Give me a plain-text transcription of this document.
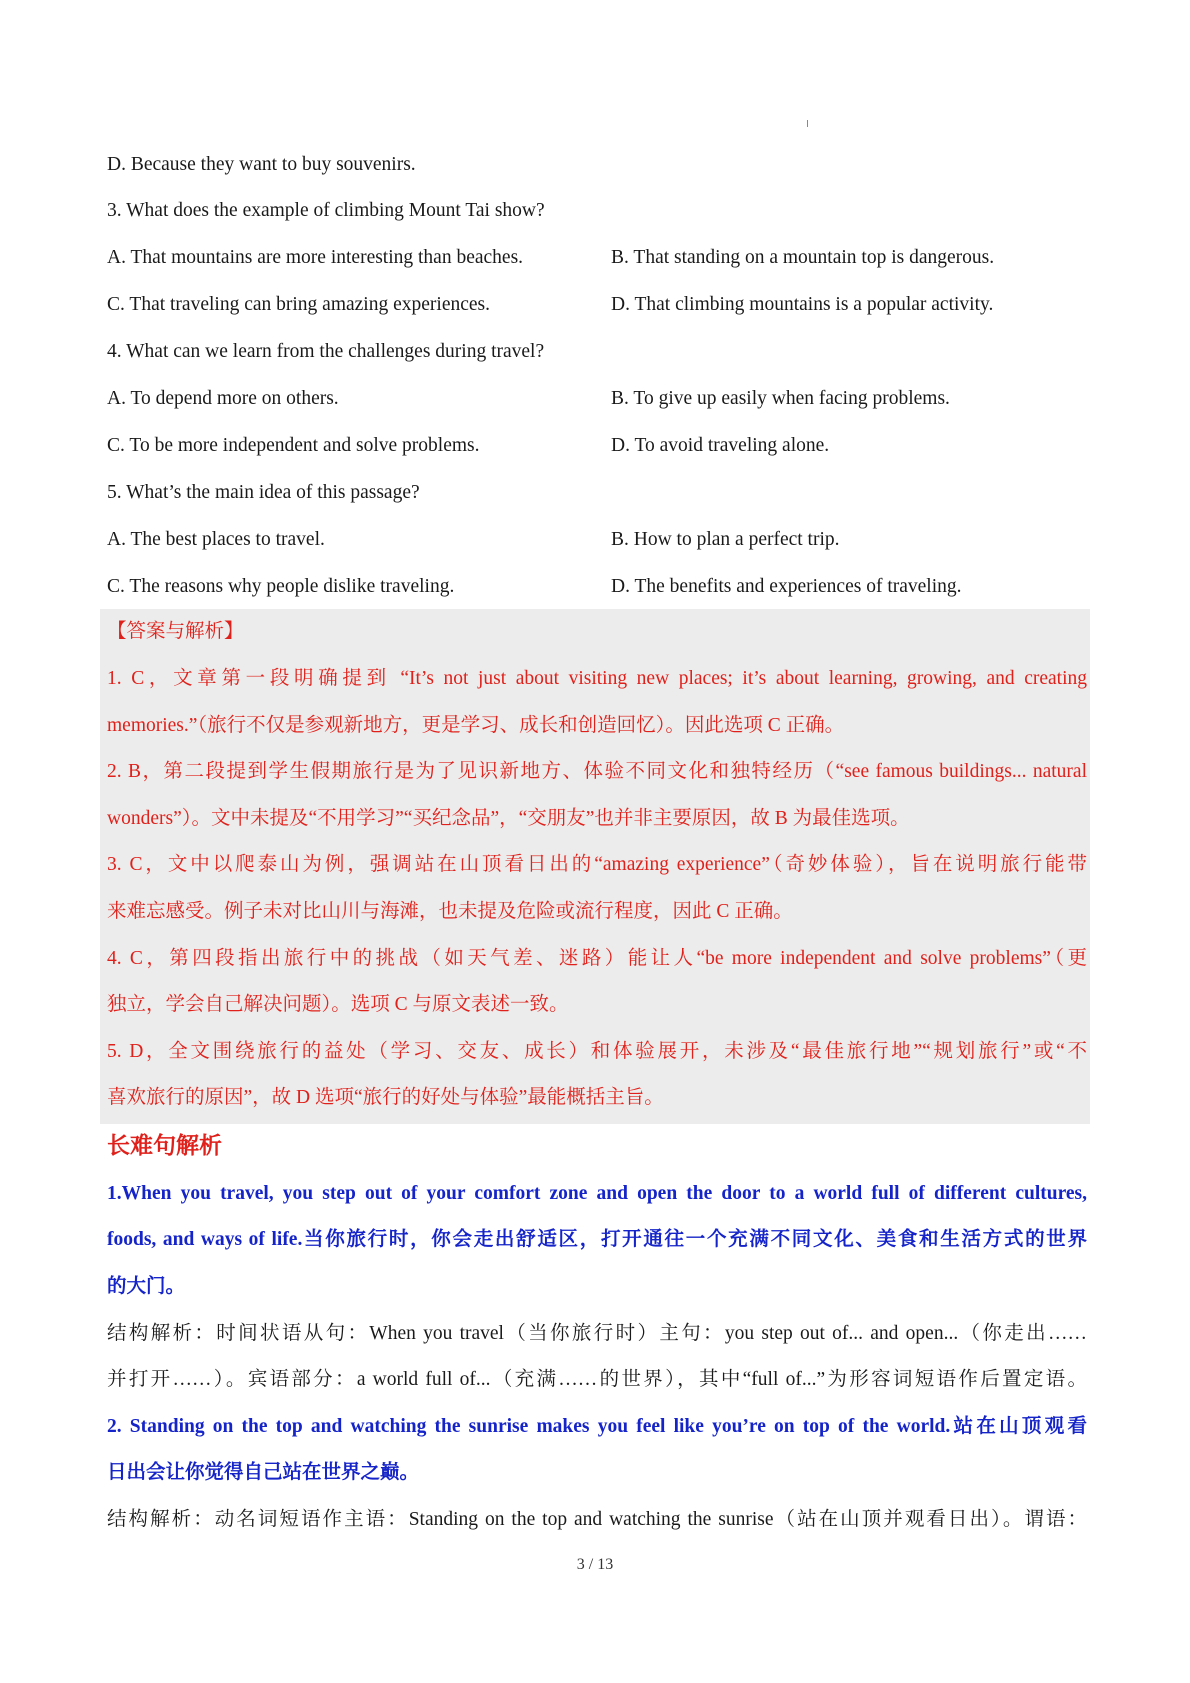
D. Because they want to buy souvenirs.
3. What does the example of climbing Mount Tai show?
A. That mountains are more interesting than beaches.	B. That standing on a mountain top is dangerous.
C. That traveling can bring amazing experiences.	D. That climbing mountains is a popular activity.
4. What can we learn from the challenges during travel?
A. To depend more on others.	B. To give up easily when facing problems.
C. To be more independent and solve problems.	D. To avoid traveling alone.
5. What’s the main idea of this passage?
A. The best places to travel.	B. How to plan a perfect trip.
C. The reasons why people dislike traveling.	D. The benefits and experiences of traveling.
【答案与解析】
1. C，文章第一段明确提到 “It’s not just about visiting new places; it’s about learning, growing, and creating
memories.”（旅行不仅是参观新地方，更是学习、成长和创造回忆）。因此选项 C 正确。
2. B，第二段提到学生假期旅行是为了见识新地方、体验不同文化和独特经历（“see famous buildings... natural
wonders”）。文中未提及“不用学习”“买纪念品”，“交朋友”也并非主要原因，故 B 为最佳选项。
3. C，文中以爬泰山为例，强调站在山顶看日出的“amazing experience”（奇妙体验），旨在说明旅行能带
来难忘感受。例子未对比山川与海滩，也未提及危险或流行程度，因此 C 正确。
4. C，第四段指出旅行中的挑战（如天气差、迷路）能让人“be more independent and solve problems”（更
独立，学会自己解决问题）。选项 C 与原文表述一致。
5. D，全文围绕旅行的益处（学习、交友、成长）和体验展开，未涉及“最佳旅行地”“规划旅行”或“不
喜欢旅行的原因”，故 D 选项“旅行的好处与体验”最能概括主旨。
长难句解析
1.When you travel, you step out of your comfort zone and open the door to a world full of different cultures,
foods, and ways of life.当你旅行时，你会走出舒适区，打开通往一个充满不同文化、美食和生活方式的世界
的大门。
结构解析：时间状语从句：When you travel（当你旅行时）主句：you step out of... and open...（你走出……
并打开……）。宾语部分：a world full of...（充满……的世界），其中“full of...”为形容词短语作后置定语。
2. Standing on the top and watching the sunrise makes you feel like you’re on top of the world.站在山顶观看
日出会让你觉得自己站在世界之巅。
结构解析：动名词短语作主语：Standing on the top and watching the sunrise（站在山顶并观看日出）。谓语：
3 / 13
